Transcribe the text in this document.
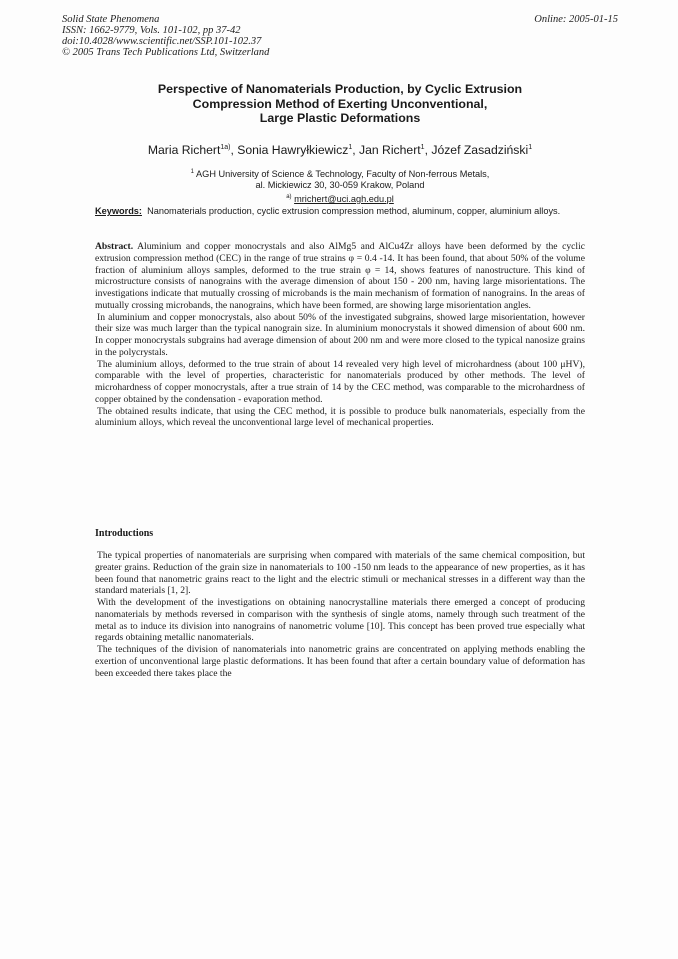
Solid State Phenomena
ISSN: 1662-9779, Vols. 101-102, pp 37-42
doi:10.4028/www.scientific.net/SSP.101-102.37
© 2005 Trans Tech Publications Ltd, Switzerland
Online: 2005-01-15
Perspective of Nanomaterials Production, by Cyclic Extrusion
Compression Method of Exerting Unconventional,
Large Plastic Deformations
Maria Richert$^{1a)}$, Sonia Hawryłkiewicz$^1$, Jan Richert$^1$, Józef Zasadziński$^1$
$^1$ AGH University of Science & Technology, Faculty of Non-ferrous Metals,
al. Mickiewicz 30, 30-059 Krakow, Poland
$^{a)}$ mrichert@uci.agh.edu.pl
Keywords: Nanomaterials production, cyclic extrusion compression method, aluminum, copper, aluminium alloys.

Abstract. Aluminium and copper monocrystals and also AlMg5 and AlCu4Zr alloys have been deformed by the cyclic extrusion compression method (CEC) in the range of true strains φ = 0.4 -14. It has been found, that about 50% of the volume fraction of aluminium alloys samples, deformed to the true strain φ = 14, shows features of nanostructure. This kind of microstructure consists of nanograins with the average dimension of about 150 - 200 nm, having large misorientations. The investigations indicate that mutually crossing of microbands is the main mechanism of formation of nanograins. In the areas of mutually crossing microbands, the nanograins, which have been formed, are showing large misorientation angles.

In aluminium and copper monocrystals, also about 50% of the investigated subgrains, showed large misorientation, however their size was much larger than the typical nanograin size. In aluminium monocrystals it showed dimension of about 600 nm. In copper monocrystals subgrains had average dimension of about 200 nm and were more closed to the typical nanosize grains in the polycrystals.

The aluminium alloys, deformed to the true strain of about 14 revealed very high level of microhardness (about 100 μHV), comparable with the level of properties, characteristic for nanomaterials produced by other methods. The level of microhardness of copper monocrystals, after a true strain of 14 by the CEC method, was comparable to the microhardness of copper obtained by the condensation - evaporation method.

The obtained results indicate, that using the CEC method, it is possible to produce bulk nanomaterials, especially from the aluminium alloys, which reveal the unconventional large level of mechanical properties.

Introductions

The typical properties of nanomaterials are surprising when compared with materials of the same chemical composition, but greater grains. Reduction of the grain size in nanomaterials to 100 -150 nm leads to the appearance of new properties, as it has been found that nanometric grains react to the light and the electric stimuli or mechanical stresses in a different way than the standard materials [1, 2].

With the development of the investigations on obtaining nanocrystalline materials there emerged a concept of producing nanomaterials by methods reversed in comparison with the synthesis of single atoms, namely through such treatment of the metal as to induce its division into nanograins of nanometric volume [10]. This concept has been proved true especially what regards obtaining metallic nanomaterials.

The techniques of the division of nanomaterials into nanometric grains are concentrated on applying methods enabling the exertion of unconventional large plastic deformations. It has been found that after a certain boundary value of deformation has been exceeded there takes place the
